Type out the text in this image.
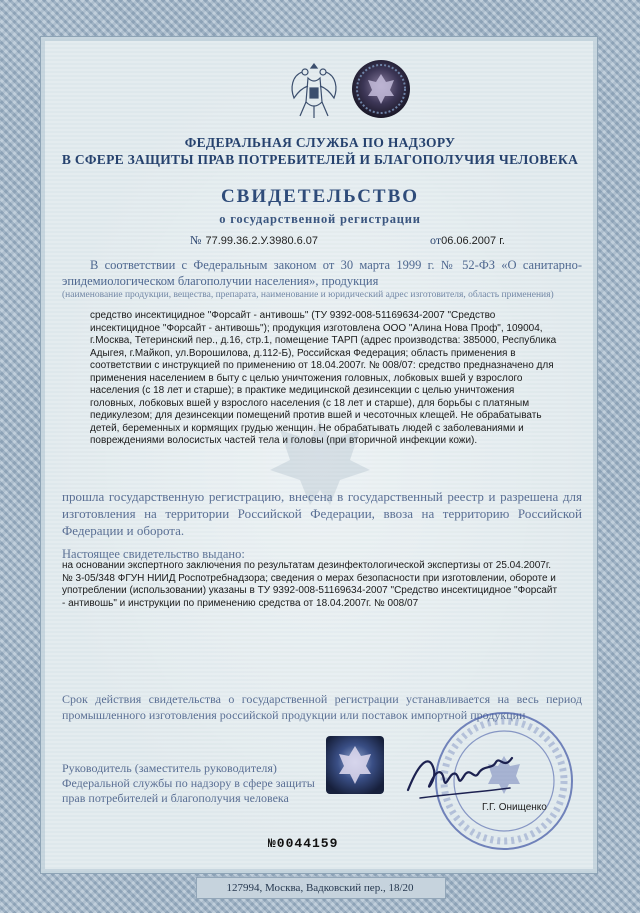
ФЕДЕРАЛЬНАЯ СЛУЖБА ПО НАДЗОРУ
В СФЕРЕ ЗАЩИТЫ ПРАВ ПОТРЕБИТЕЛЕЙ И БЛАГОПОЛУЧИЯ ЧЕЛОВЕКА
СВИДЕТЕЛЬСТВО
о государственной регистрации
№ 77.99.36.2.У.3980.6.07	от06.06.2007 г.
В соответствии с Федеральным законом от 30 марта 1999 г. № 52-ФЗ «О санитарно-эпидемиологическом благополучии населения», продукция
(наименование продукции, вещества, препарата, наименование и юридический адрес изготовителя, область применения)
средство инсектицидное "Форсайт - антивошь" (ТУ 9392-008-51169634-2007 "Средство инсектицидное "Форсайт - антивошь"); продукция изготовлена ООО "Алина Нова Проф", 109004, г.Москва, Тетеринский пер., д.16, стр.1, помещение ТАРП (адрес производства: 385000, Республика Адыгея, г.Майкоп, ул.Ворошилова, д.112-Б), Российская Федерация; область применения в соответствии с инструкцией по применению от 18.04.2007г. № 008/07: средство предназначено для применения населением в быту с целью уничтожения головных, лобковых вшей у взрослого населения (с 18 лет и старше); в практике медицинской дезинсекции с целью уничтожения головных, лобковых вшей у взрослого населения (с 18 лет и старше), для борьбы с платяным педикулезом; для дезинсекции помещений против вшей и чесоточных клещей. Не обрабатывать детей, беременных и кормящих грудью женщин. Не обрабатывать людей с заболеваниями и повреждениями волосистых частей тела и головы (при вторичной инфекции кожи).
прошла государственную регистрацию, внесена в государственный реестр и разрешена для изготовления на территории Российской Федерации, ввоза на территорию Российской Федерации и оборота.
Настоящее свидетельство выдано:
на основании экспертного заключения по результатам дезинфектологической экспертизы от 25.04.2007г. № 3-05/348 ФГУН НИИД Роспотребнадзора; сведения о мерах безопасности при изготовлении, обороте и употреблении (использовании) указаны в ТУ 9392-008-51169634-2007 "Средство инсектицидное "Форсайт - антивошь" и инструкции по применению средства от 18.04.2007г. № 008/07
Срок действия свидетельства о государственной регистрации устанавливается на весь период промышленного изготовления российской продукции или поставок импортной продукции
Руководитель (заместитель руководителя) Федеральной службы по надзору в сфере защиты прав потребителей и благополучия человека
Г.Г. Онищенко
№0044159
127994, Москва, Вадковский пер., 18/20
